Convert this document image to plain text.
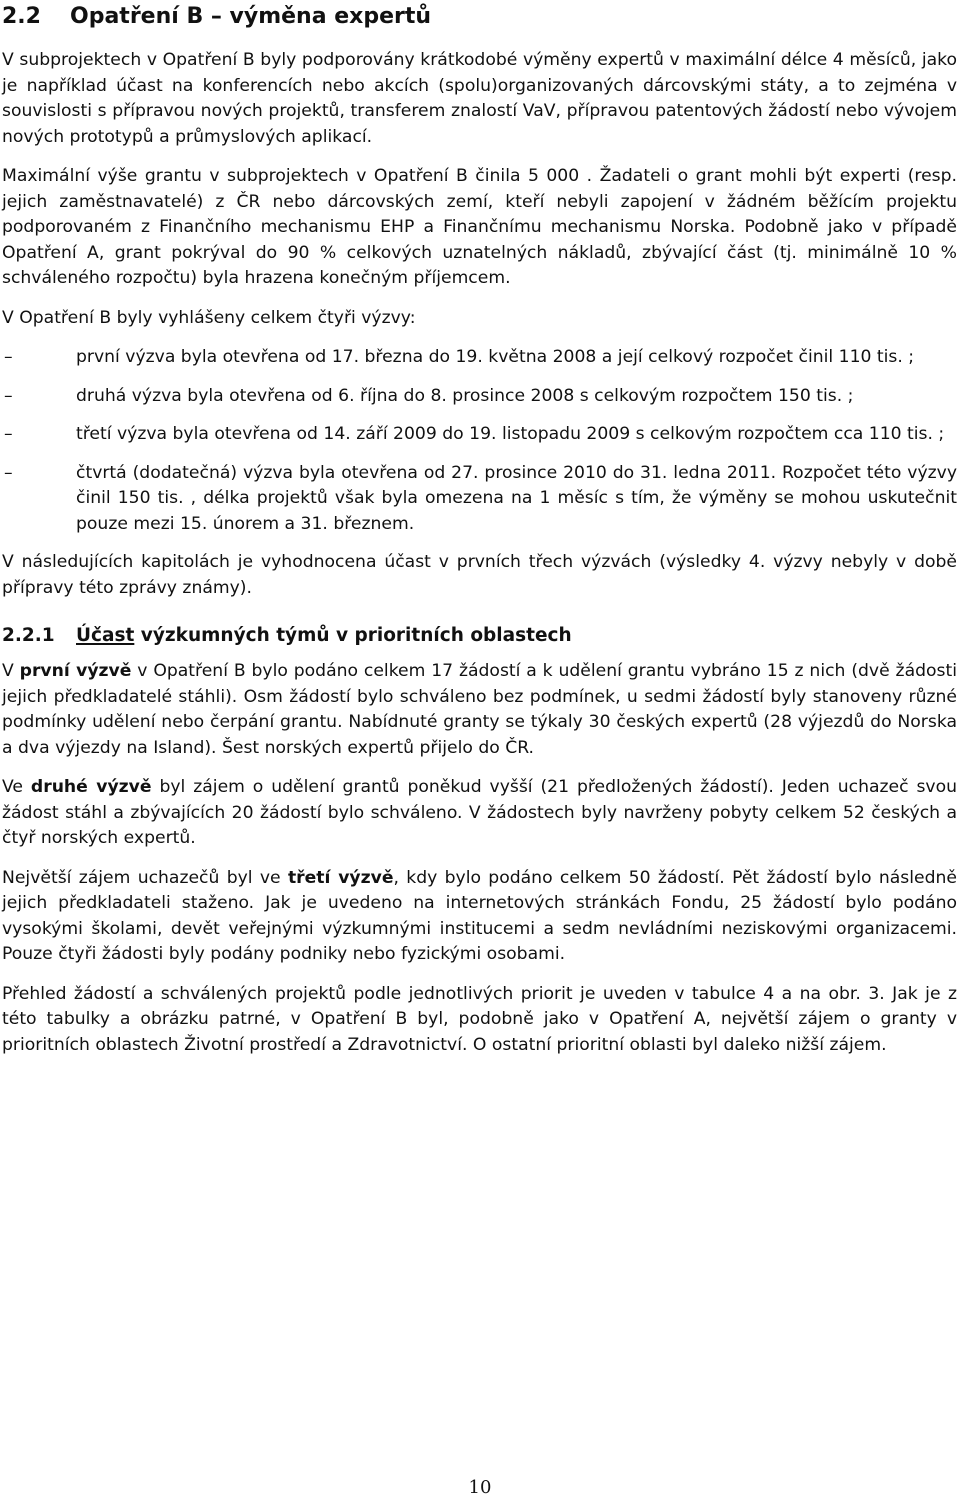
2.2 Opatření B – výměna expertů

V subprojektech v Opatření B byly podporovány krátkodobé výměny expertů v maximální délce 4 měsíců, jako je například účast na konferencích nebo akcích (spolu)organizovaných dárcovskými státy, a to zejména v souvislosti s přípravou nových projektů, transferem znalostí VaV, přípravou patentových žádostí nebo vývojem nových prototypů a průmyslových aplikací.

Maximální výše grantu v subprojektech v Opatření B činila 5 000 . Žadateli o grant mohli být experti (resp. jejich zaměstnavatelé) z ČR nebo dárcovských zemí, kteří nebyli zapojení v žádném běžícím projektu podporovaném z Finančního mechanismu EHP a Finančnímu mechanismu Norska. Podobně jako v případě Opatření A, grant pokrýval do 90 % celkových uznatelných nákladů, zbývající část (tj. minimálně 10 % schváleného rozpočtu) byla hrazena konečným příjemcem.

V Opatření B byly vyhlášeny celkem čtyři výzvy:

–	první výzva byla otevřena od 17. března do 19. května 2008 a její celkový rozpočet činil 110 tis. ;
–	druhá výzva byla otevřena od 6. října do 8. prosince 2008 s celkovým rozpočtem 150 tis. ;
–	třetí výzva byla otevřena od 14. září 2009 do 19. listopadu 2009 s celkovým rozpočtem cca 110 tis. ;
–	čtvrtá (dodatečná) výzva byla otevřena od 27. prosince 2010 do 31. ledna 2011. Rozpočet této výzvy činil 150 tis. , délka projektů však byla omezena na 1 měsíc s tím, že výměny se mohou uskutečnit pouze mezi 15. únorem a 31. březnem.

V následujících kapitolách je vyhodnocena účast v prvních třech výzvách (výsledky 4. výzvy nebyly v době přípravy této zprávy známy).

2.2.1 Účast výzkumných týmů v prioritních oblastech

V první výzvě v Opatření B bylo podáno celkem 17 žádostí a k udělení grantu vybráno 15 z nich (dvě žádosti jejich předkladatelé stáhli). Osm žádostí bylo schváleno bez podmínek, u sedmi žádostí byly stanoveny různé podmínky udělení nebo čerpání grantu. Nabídnuté granty se týkaly 30 českých expertů (28 výjezdů do Norska a dva výjezdy na Island). Šest norských expertů přijelo do ČR.

Ve druhé výzvě byl zájem o udělení grantů poněkud vyšší (21 předložených žádostí). Jeden uchazeč svou žádost stáhl a zbývajících 20 žádostí bylo schváleno. V žádostech byly navrženy pobyty celkem 52 českých a čtyř norských expertů.

Největší zájem uchazečů byl ve třetí výzvě, kdy bylo podáno celkem 50 žádostí. Pět žádostí bylo následně jejich předkladateli staženo. Jak je uvedeno na internetových stránkách Fondu, 25 žádostí bylo podáno vysokými školami, devět veřejnými výzkumnými institucemi a sedm nevládními neziskovými organizacemi. Pouze čtyři žádosti byly podány podniky nebo fyzickými osobami.

Přehled žádostí a schválených projektů podle jednotlivých priorit je uveden v tabulce 4 a na obr. 3. Jak je z této tabulky a obrázku patrné, v Opatření B byl, podobně jako v Opatření A, největší zájem o granty v prioritních oblastech Životní prostředí a Zdravotnictví. O ostatní prioritní oblasti byl daleko nižší zájem.

10
